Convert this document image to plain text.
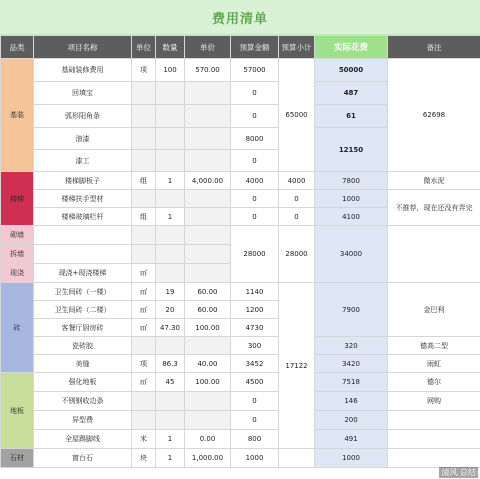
费用清单
品类	项目名称	单位	数量	单价	预算金额	预算小计	实际花费	备注
基装	基础装修费用	项	100	570.00	57000	65000	50000	62698
	回填宝				0		487	
	弧形阳角条				0		61	
	油漆				8000		12150	
	漆工				0			
楼梯	楼梯脚板子	组	1	4,000.00	4000	4000	7800	微水泥
	楼梯扶手型材				0	0	1000	不推荐，现在还没有弄完
	楼梯玻璃栏杆	组	1		0	0	4100	
砌墙					28000	28000	34000	
拆墙								
现浇	现浇+现浇楼梯	㎡						
砖	卫生间砖（一楼）	㎡	19	60.00	1140	17122	7900	金巴利
	卫生间砖（二楼）	㎡	20	60.00	1200			
	客餐厅厨房砖	㎡	47.30	100.00	4730			
	瓷砖胶				300		320	德高二型
	美缝	项	86.3	40.00	3452		3420	雨虹
地板	强化地板	㎡	45	100.00	4500		7518	德尔
	不锈钢收边条				0		146	网购
	异型费				0		200	
	全屋踢脚线	米	1	0.00	800		491	
石材	窗台石	块	1	1,000.00	1000		1000	
清风 总结
